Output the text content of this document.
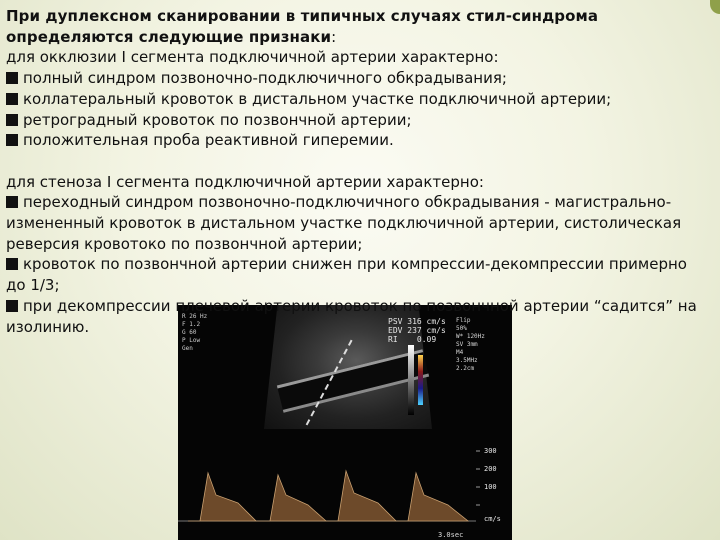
R 26 Hz
F 1.2
G 60
P Low
Gen
PSV 316 cm/s
EDV 237 cm/s
RI    0.09
Flip
50%
W* 120Hz
SV 3mm
M4
3.5MHz
2.2cm
300
200
100
cm/s
3.0sec

При дуплексном сканировании в типичных случаях стил-синдрома определяются следующие признаки:

для окклюзии I сегмента подключичной артерии характерно:

полный синдром позвоночно-подключичного обкрадывания;

коллатеральный кровоток в дистальном участке подключичной артерии;

ретроградный кровоток по позвончной артерии;

положительная проба реактивной гиперемии.

для стеноза I сегмента подключичной артерии характерно:

переходный синдром позвоночно-подключичного обкрадывания - магистрально-измененный кровоток в дистальном участке подключичной артерии, систолическая реверсия кровотоко по позвончной артерии;

кровоток по позвончной артерии снижен при компрессии-декомпрессии примерно до 1/3;

при декомпрессии плечевой артерии кровоток по позвончной артерии “садится” на изолинию.
